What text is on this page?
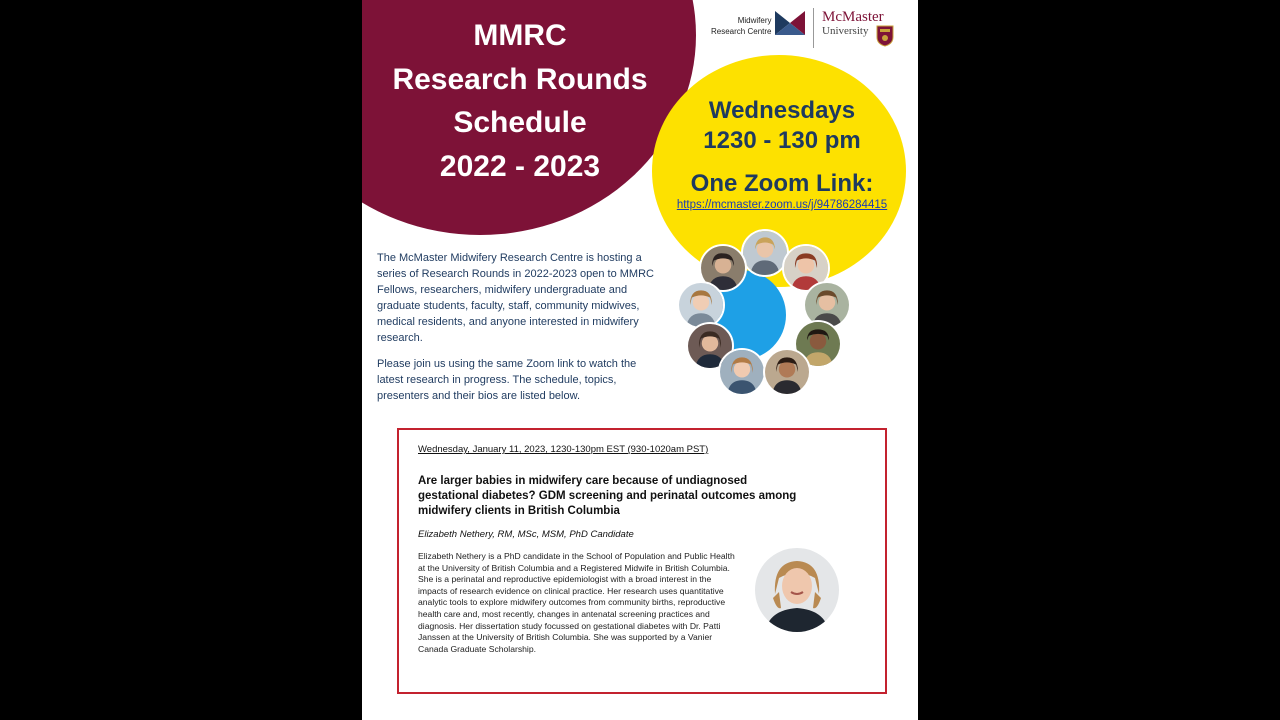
MMRC
Research Rounds
Schedule
2022 - 2023
Midwifery
Research Centre
McMaster
University
Wednesdays
1230 - 130 pm
One Zoom Link:
https://mcmaster.zoom.us/j/94786284415

The McMaster Midwifery Research Centre is hosting a series of Research Rounds in 2022-2023 open to MMRC Fellows, researchers, midwifery undergraduate and graduate students, faculty, staff, community midwives, medical residents, and anyone interested in midwifery research.

Please join us using the same Zoom link to watch the latest research in progress. The schedule, topics, presenters and their bios are listed below.

Wednesday, January 11, 2023, 1230-130pm EST (930-1020am PST)
Are larger babies in midwifery care because of undiagnosed gestational diabetes? GDM screening and perinatal outcomes among midwifery clients in British Columbia
Elizabeth Nethery, RM, MSc, MSM, PhD Candidate
Elizabeth Nethery is a PhD candidate in the School of Population and Public Health at the University of British Columbia and a Registered Midwife in British Columbia. She is a perinatal and reproductive epidemiologist with a broad interest in the impacts of research evidence on clinical practice. Her research uses quantitative analytic tools to explore midwifery outcomes from community births, reproductive health care and, most recently, changes in antenatal screening practices and diagnosis. Her dissertation study focussed on gestational diabetes with Dr. Patti Janssen at the University of British Columbia. She was supported by a Vanier Canada Graduate Scholarship.
